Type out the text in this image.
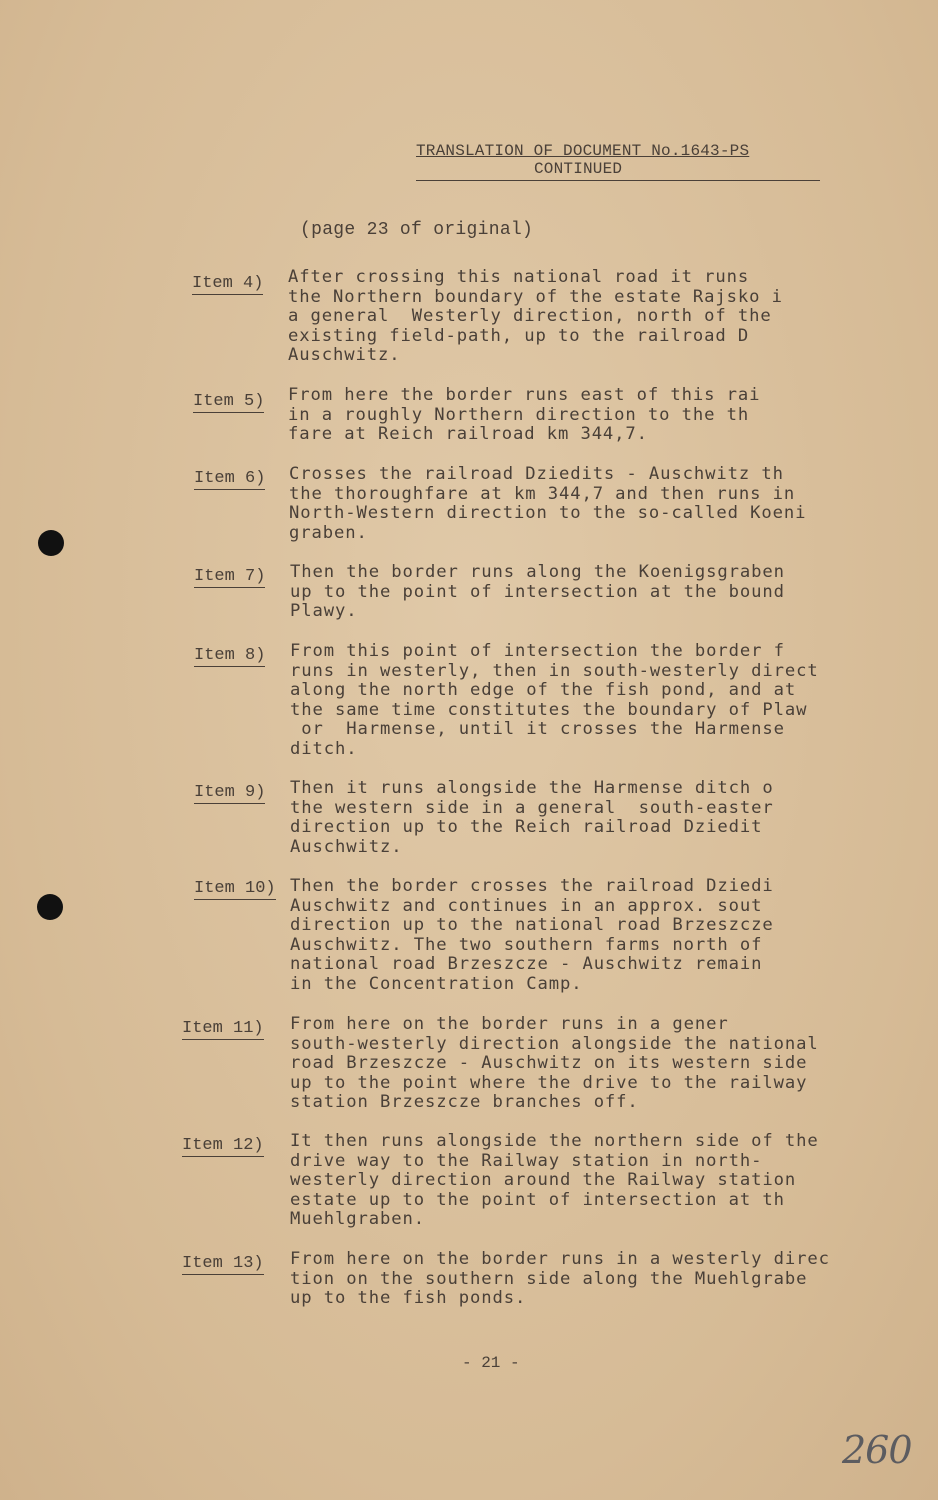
TRANSLATION OF DOCUMENT No.1643-PS
CONTINUED
(page 23 of original)
Item 4) After crossing this national road it runs
the Northern boundary of the estate Rajsko i
a general  Westerly direction, north of the
existing field-path, up to the railroad D
Auschwitz.
Item 5) From here the border runs east of this rai
in a roughly Northern direction to the th
fare at Reich railroad km 344,7.
Item 6) Crosses the railroad Dziedits - Auschwitz th
the thoroughfare at km 344,7 and then runs in
North-Western direction to the so-called Koeni
graben.
Item 7) Then the border runs along the Koenigsgraben
up to the point of intersection at the bound
Plawy.
Item 8) From this point of intersection the border f
runs in westerly, then in south-westerly direct
along the north edge of the fish pond, and at
the same time constitutes the boundary of Plaw
or  Harmense, until it crosses the Harmense
ditch.
Item 9) Then it runs alongside the Harmense ditch o
the western side in a general  south-easter
direction up to the Reich railroad Dziedit
Auschwitz.
Item 10) Then the border crosses the railroad Dziedi
Auschwitz and continues in an approx. sout
direction up to the national road Brzeszcze
Auschwitz. The two southern farms north of
national road Brzeszcze - Auschwitz remain
in the Concentration Camp.
Item 11) From here on the border runs in a gener
south-westerly direction alongside the national
road Brzeszcze - Auschwitz on its western side
up to the point where the drive to the railway
station Brzeszcze branches off.
Item 12) It then runs alongside the northern side of the
drive way to the Railway station in north-
westerly direction around the Railway station
estate up to the point of intersection at th
Muehlgraben.
Item 13) From here on the border runs in a westerly direc
tion on the southern side along the Muehlgrabe
up to the fish ponds.
- 21 -
260
